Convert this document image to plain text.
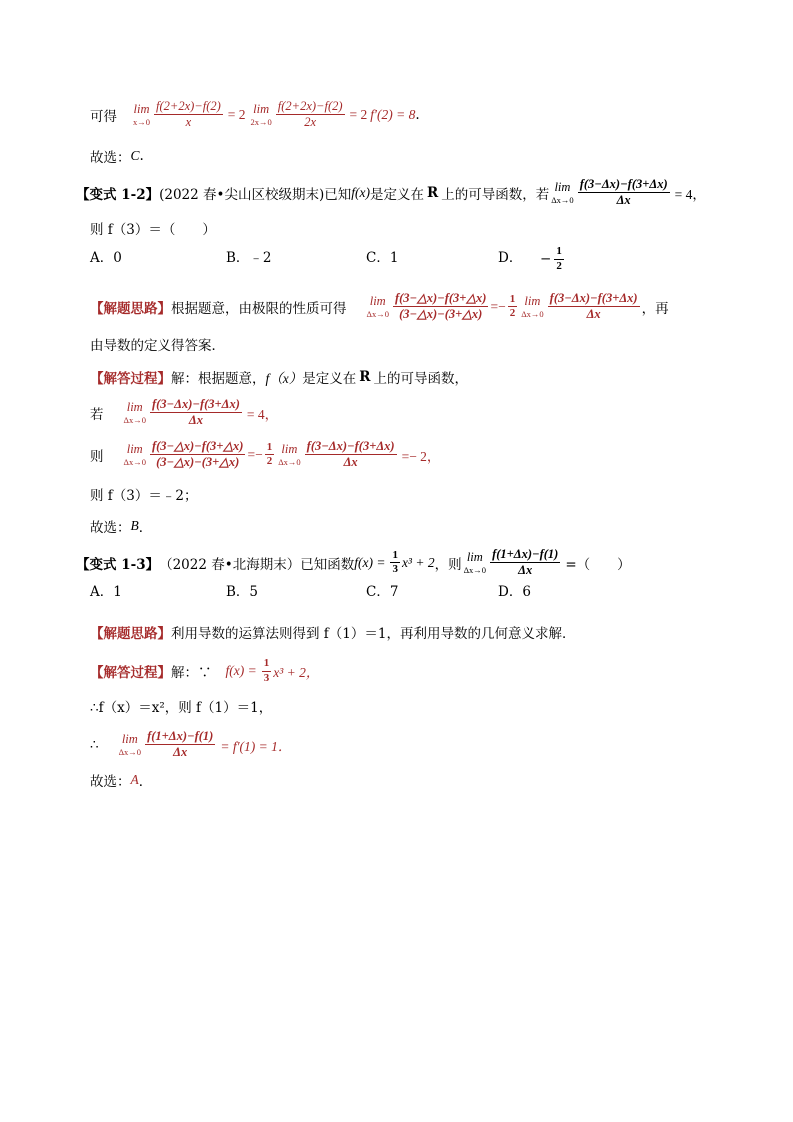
可得 lim
$x\to 0 \frac{f(2+2x)-f(2)}{x} = 2$ lim
$2x\to 0 \frac{f(2+2x)-f(2)}{2x} = 2$ f′(2) = 8 .
故选： C .
【变式 1-2】 (2022 春•尖山区校级期末) 已知 f(x) 是定义在 R 上的可导函数，若 lim
$\Delta x\to 0 \frac{f(3-\Delta x)-f(3+\Delta x)}{\Delta x} = 4$，
则 f（3）＝（　　）
A．0	B．﹣2	C．1	D． − $\frac{1}{2}$
【解题思路】 根据题意，由极限的性质可得 lim
$\Delta x\to 0 \frac{f(3-\triangle x)-f(3+\triangle x)}{(3-\triangle x)-(3+\triangle x)} =- \frac{1}{2}$ lim
$\Delta x\to 0 \frac{f(3-\Delta x)-f(3+\Delta x)}{\Delta x}$ ，再
由导数的定义得答案．
【解答过程】 解：根据题意， f（x） 是定义在 R 上的可导函数，
若 lim
$\Delta x\to 0 \frac{f(3-\Delta x)-f(3+\Delta x)}{\Delta x} = 4$，
则 lim
$\Delta x\to 0 \frac{f(3-\triangle x)-f(3+\triangle x)}{(3-\triangle x)-(3+\triangle x)} =- \frac{1}{2}$ lim
$\Delta x\to 0 \frac{f(3-\Delta x)-f(3+\Delta x)}{\Delta x} =- 2$，
则 f（3）＝﹣2；
故选： B ．
【变式 1-3】 （2022 春•北海期末） 已知函数 $f(x) = \frac{1}{3} x^3 + 2$ ，则 lim
$\Delta x\to 0 \frac{f(1+\Delta x)-f(1)}{\Delta x}$ =（　　）
A．1	B．5	C．7	D．6
【解题思路】 利用导数的运算法则得到 f（1）＝1，再利用导数的几何意义求解．
【解答过程】 解：∵ $f(x) = \frac{1}{3} x^3 + 2$，
∴f（x）＝x²，则 f（1）＝1，
∴ lim
$\Delta x\to 0 \frac{f(1+\Delta x)-f(1)}{\Delta x} = f'(1) = 1$．
故选： A ．
